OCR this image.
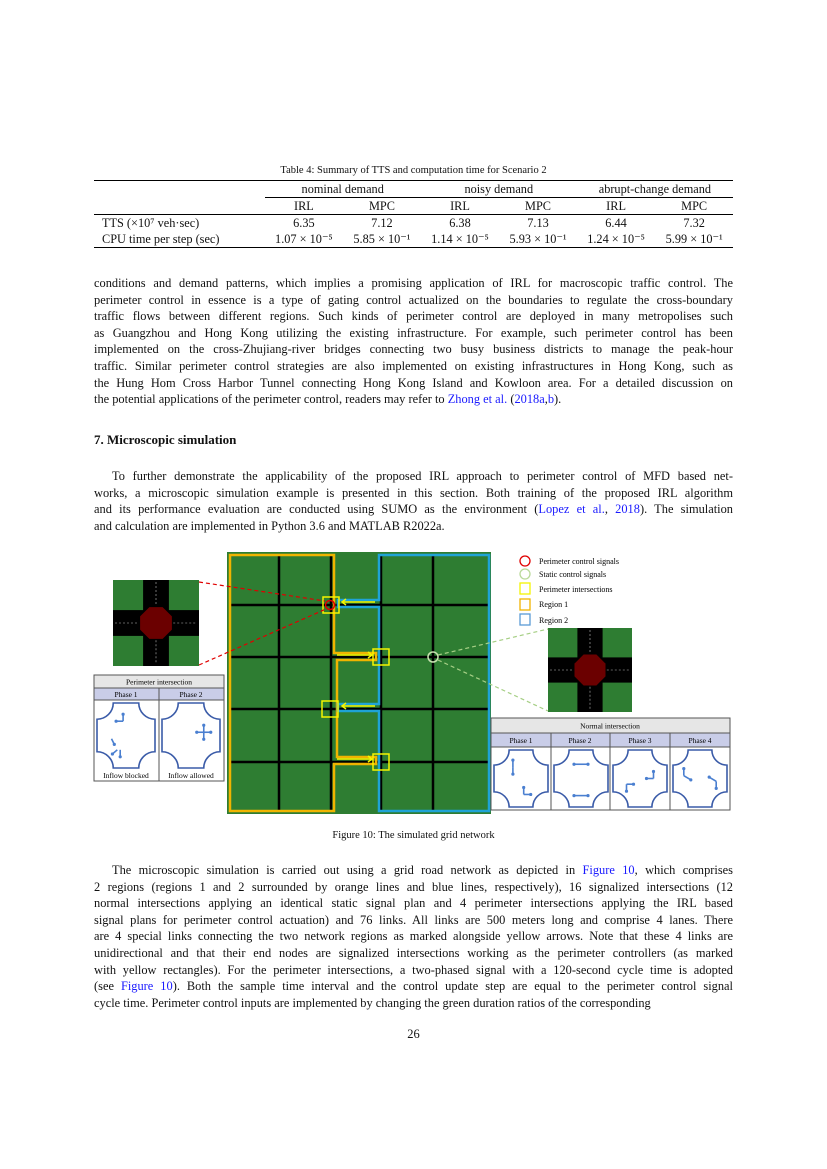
Table 4: Summary of TTS and computation time for Scenario 2
	nominal demand		noisy demand		abrupt-change demand	
	IRL	MPC	IRL	MPC	IRL	MPC
TTS (×10⁷ veh·sec)	6.35	7.12	6.38	7.13	6.44	7.32
CPU time per step (sec)	1.07 × 10⁻⁵	5.85 × 10⁻¹	1.14 × 10⁻⁵	5.93 × 10⁻¹	1.24 × 10⁻⁵	5.99 × 10⁻¹
conditions and demand patterns, which implies a promising application of IRL for macroscopic traffic control. The
perimeter control in essence is a type of gating control actualized on the boundaries to regulate the cross-boundary
traffic flows between different regions. Such kinds of perimeter control are deployed in many metropolises such
as Guangzhou and Hong Kong utilizing the existing infrastructure. For example, such perimeter control has been
implemented on the cross-Zhujiang-river bridges connecting two busy business districts to manage the peak-hour
traffic. Similar perimeter control strategies are also implemented on existing infrastructures in Hong Kong, such as
the Hung Hom Cross Harbor Tunnel connecting Hong Kong Island and Kowloon area. For a detailed discussion on
the potential applications of the perimeter control, readers may refer to Zhong et al. (2018a,b).
7. Microscopic simulation
To further demonstrate the applicability of the proposed IRL approach to perimeter control of MFD based net-
works, a microscopic simulation example is presented in this section. Both training of the proposed IRL algorithm
and its performance evaluation are conducted using SUMO as the environment (Lopez et al., 2018). The simulation
and calculation are implemented in Python 3.6 and MATLAB R2022a.
Perimeter control signals
Static control signals
Perimeter intersections
Region 1
Region 2
Perimeter intersection
Phase 1	Phase 2
Inflow blocked	Inflow allowed
Normal intersection
Phase 1	Phase 2	Phase 3	Phase 4
Figure 10: The simulated grid network
The microscopic simulation is carried out using a grid road network as depicted in Figure 10, which comprises
2 regions (regions 1 and 2 surrounded by orange lines and blue lines, respectively), 16 signalized intersections (12
normal intersections applying an identical static signal plan and 4 perimeter intersections applying the IRL based
signal plans for perimeter control actuation) and 76 links. All links are 500 meters long and comprise 4 lanes. There
are 4 special links connecting the two network regions as marked alongside yellow arrows. Note that these 4 links are
unidirectional and that their end nodes are signalized intersections working as the perimeter controllers (as marked
with yellow rectangles). For the perimeter intersections, a two-phased signal with a 120-second cycle time is adopted
(see Figure 10). Both the sample time interval and the control update step are equal to the perimeter control signal
cycle time. Perimeter control inputs are implemented by changing the green duration ratios of the corresponding
26
